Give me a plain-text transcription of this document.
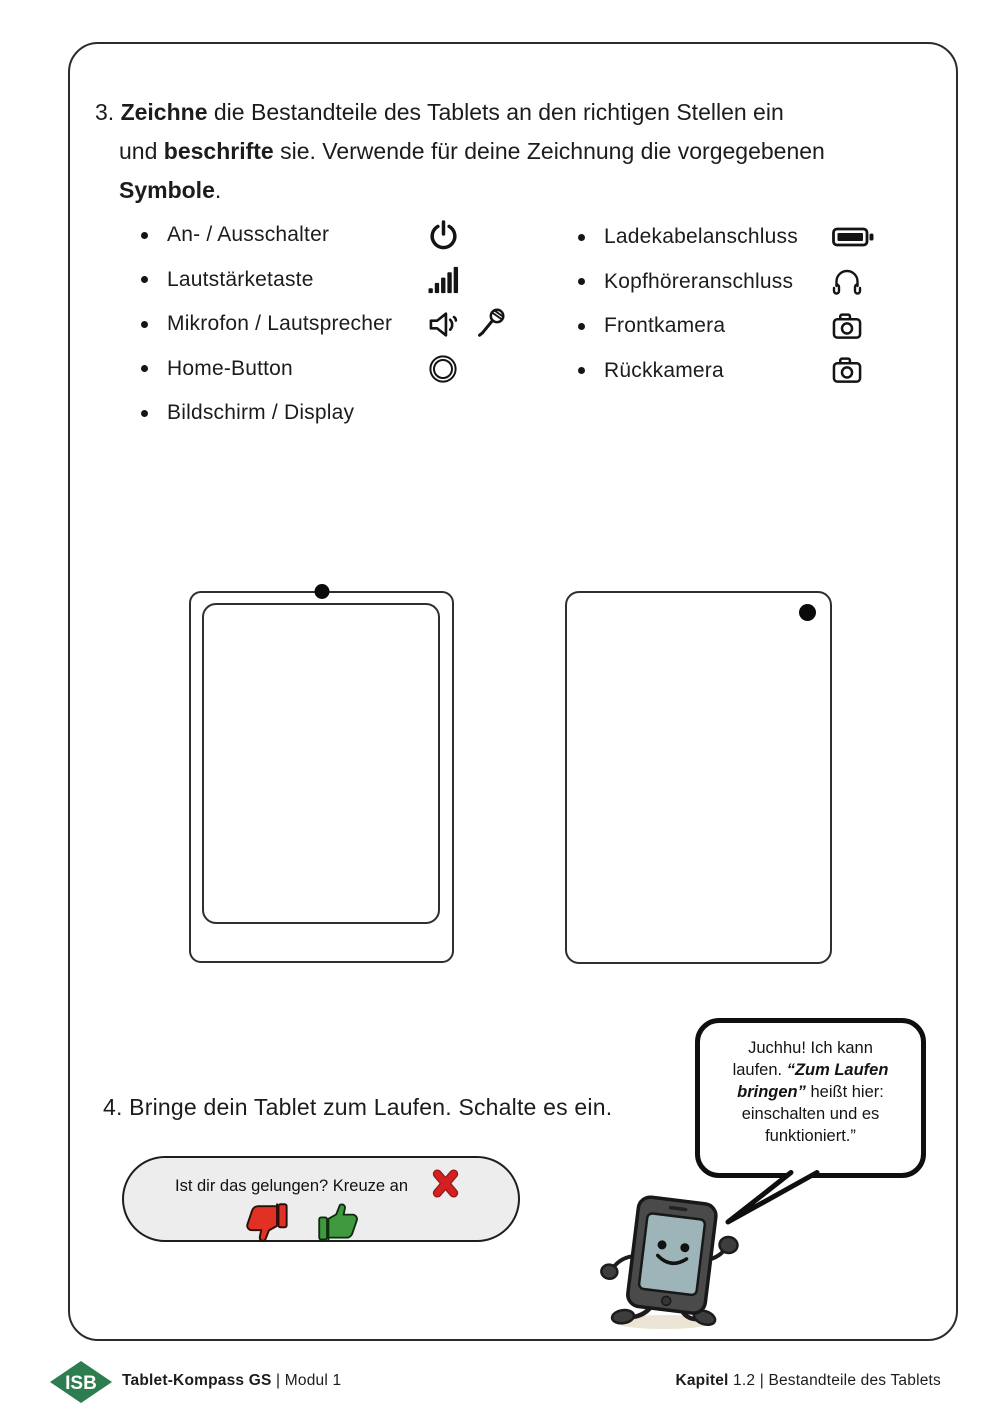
3. Zeichne die Bestandteile des Tablets an den richtigen Stellen ein
und beschrifte sie. Verwende für deine Zeichnung die vorgegebenen
Symbole.
An- / Ausschalter
Lautstärketaste
Mikrofon / Lautsprecher
Home-Button
Bildschirm / Display
Ladekabelanschluss
Kopfhöreranschluss
Frontkamera
Rückkamera
4. Bringe dein Tablet zum Laufen. Schalte es ein.
Ist dir das gelungen? Kreuze an
Juchhu! Ich kann
laufen. “Zum Laufen
bringen” heißt hier:
einschalten und es
funktioniert.”
ISB Tablet-Kompass GS | Modul 1	Kapitel 1.2 | Bestandteile des Tablets
